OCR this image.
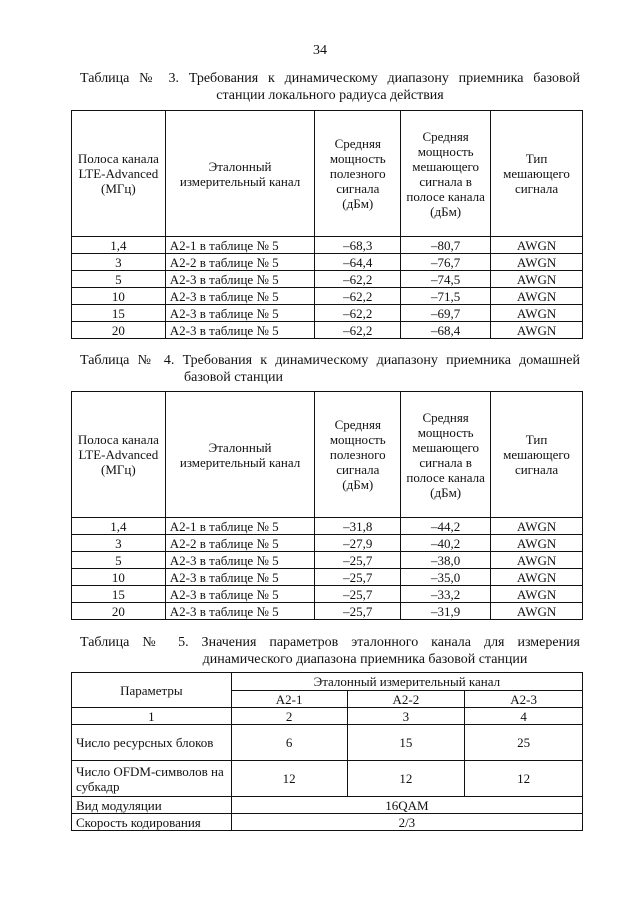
34
Таблица № 3. Требования к динамическому диапазону приемника базовой
станции локального радиуса действия
Полоса канала LTE-Advanced (МГц)	Эталонный измерительный канал	Средняя мощность полезного сигнала (дБм)	Средняя мощность мешающего сигнала в полосе канала (дБм)	Тип мешающего сигнала
1,4	А2-1 в таблице № 5	–68,3	–80,7	AWGN
3	А2-2 в таблице № 5	–64,4	–76,7	AWGN
5	А2-3 в таблице № 5	–62,2	–74,5	AWGN
10	А2-3 в таблице № 5	–62,2	–71,5	AWGN
15	А2-3 в таблице № 5	–62,2	–69,7	AWGN
20	А2-3 в таблице № 5	–62,2	–68,4	AWGN
Таблица № 4. Требования к динамическому диапазону приемника домашней
базовой станции
Полоса канала LTE-Advanced (МГц)	Эталонный измерительный канал	Средняя мощность полезного сигнала (дБм)	Средняя мощность мешающего сигнала в полосе канала (дБм)	Тип мешающего сигнала
1,4	А2-1 в таблице № 5	–31,8	–44,2	AWGN
3	А2-2 в таблице № 5	–27,9	–40,2	AWGN
5	А2-3 в таблице № 5	–25,7	–38,0	AWGN
10	А2-3 в таблице № 5	–25,7	–35,0	AWGN
15	А2-3 в таблице № 5	–25,7	–33,2	AWGN
20	А2-3 в таблице № 5	–25,7	–31,9	AWGN
Таблица № 5. Значения параметров эталонного канала для измерения
динамического диапазона приемника базовой станции
Параметры	Эталонный измерительный канал		
	А2-1	А2-2	А2-3
1	2	3	4
Число ресурсных блоков	6	15	25
Число OFDM-символов на субкадр	12	12	12
Вид модуляции	16QAM		
Скорость кодирования	2/3		
